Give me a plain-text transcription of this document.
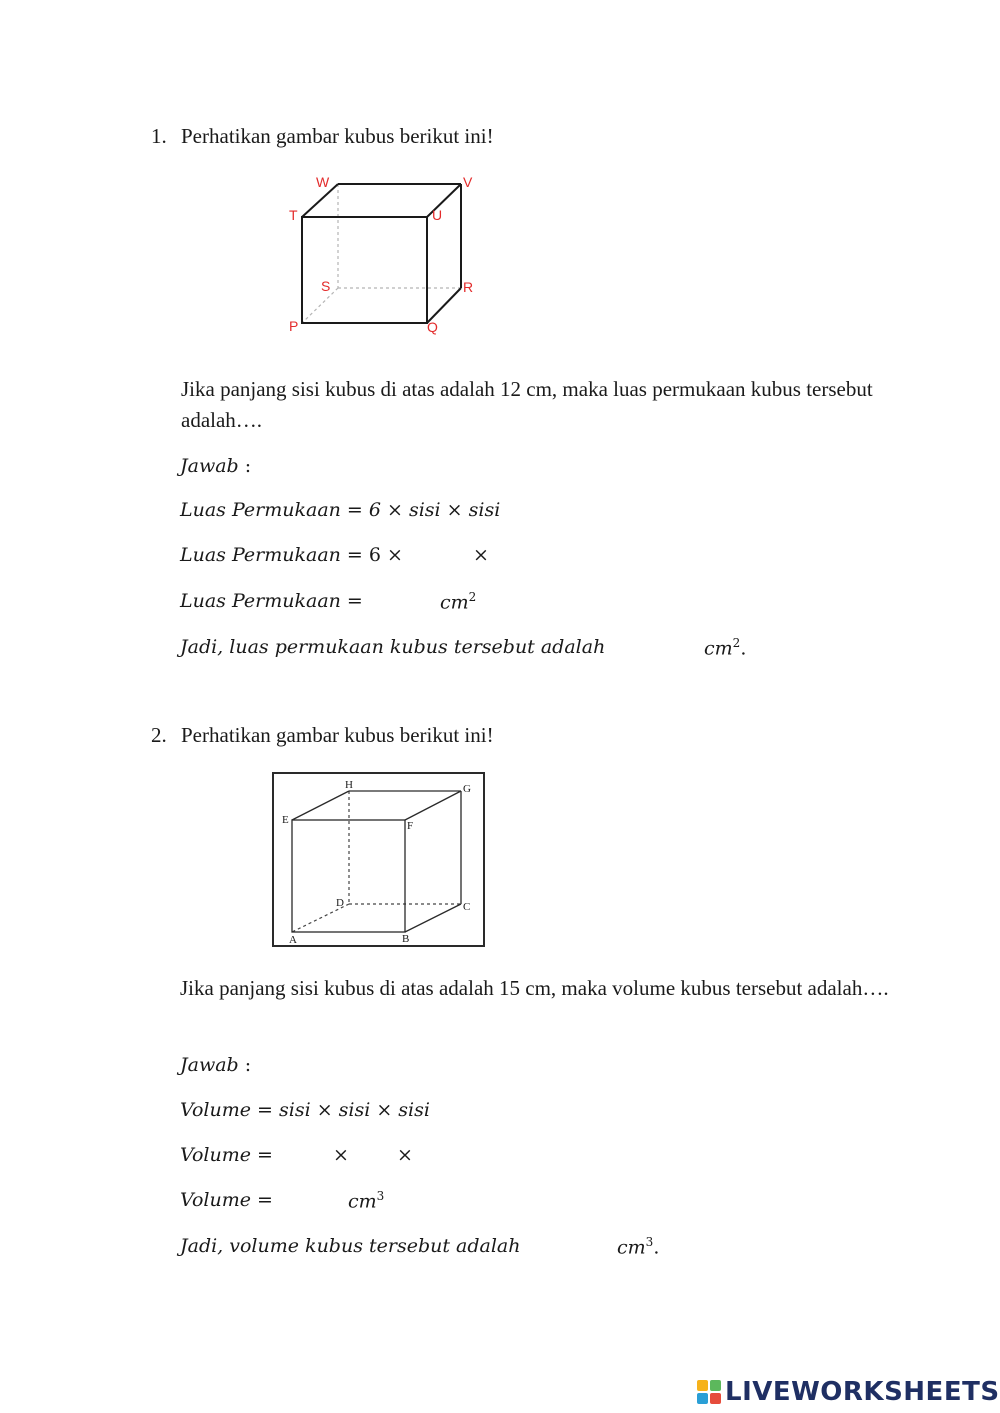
1. Perhatikan gambar kubus berikut ini!
W	V
T	U
S	R
P	Q
Jika panjang sisi kubus di atas adalah 12 cm, maka luas permukaan kubus tersebut adalah….
Jawab :
Luas Permukaan = 6 × sisi × sisi
Luas Permukaan = 6 ×	×
Luas Permukaan =	$cm^2$
Jadi, luas permukaan kubus tersebut adalah	$cm^2$.
2. Perhatikan gambar kubus berikut ini!
H	G
E	F
D	C
A	B
Jika panjang sisi kubus di atas adalah 15 cm, maka volume kubus tersebut adalah….
Jawab :
Volume = sisi × sisi × sisi
Volume =	×	×
Volume =	$cm^3$
Jadi, volume kubus tersebut adalah	$cm^3$.
LIVEWORKSHEETS
